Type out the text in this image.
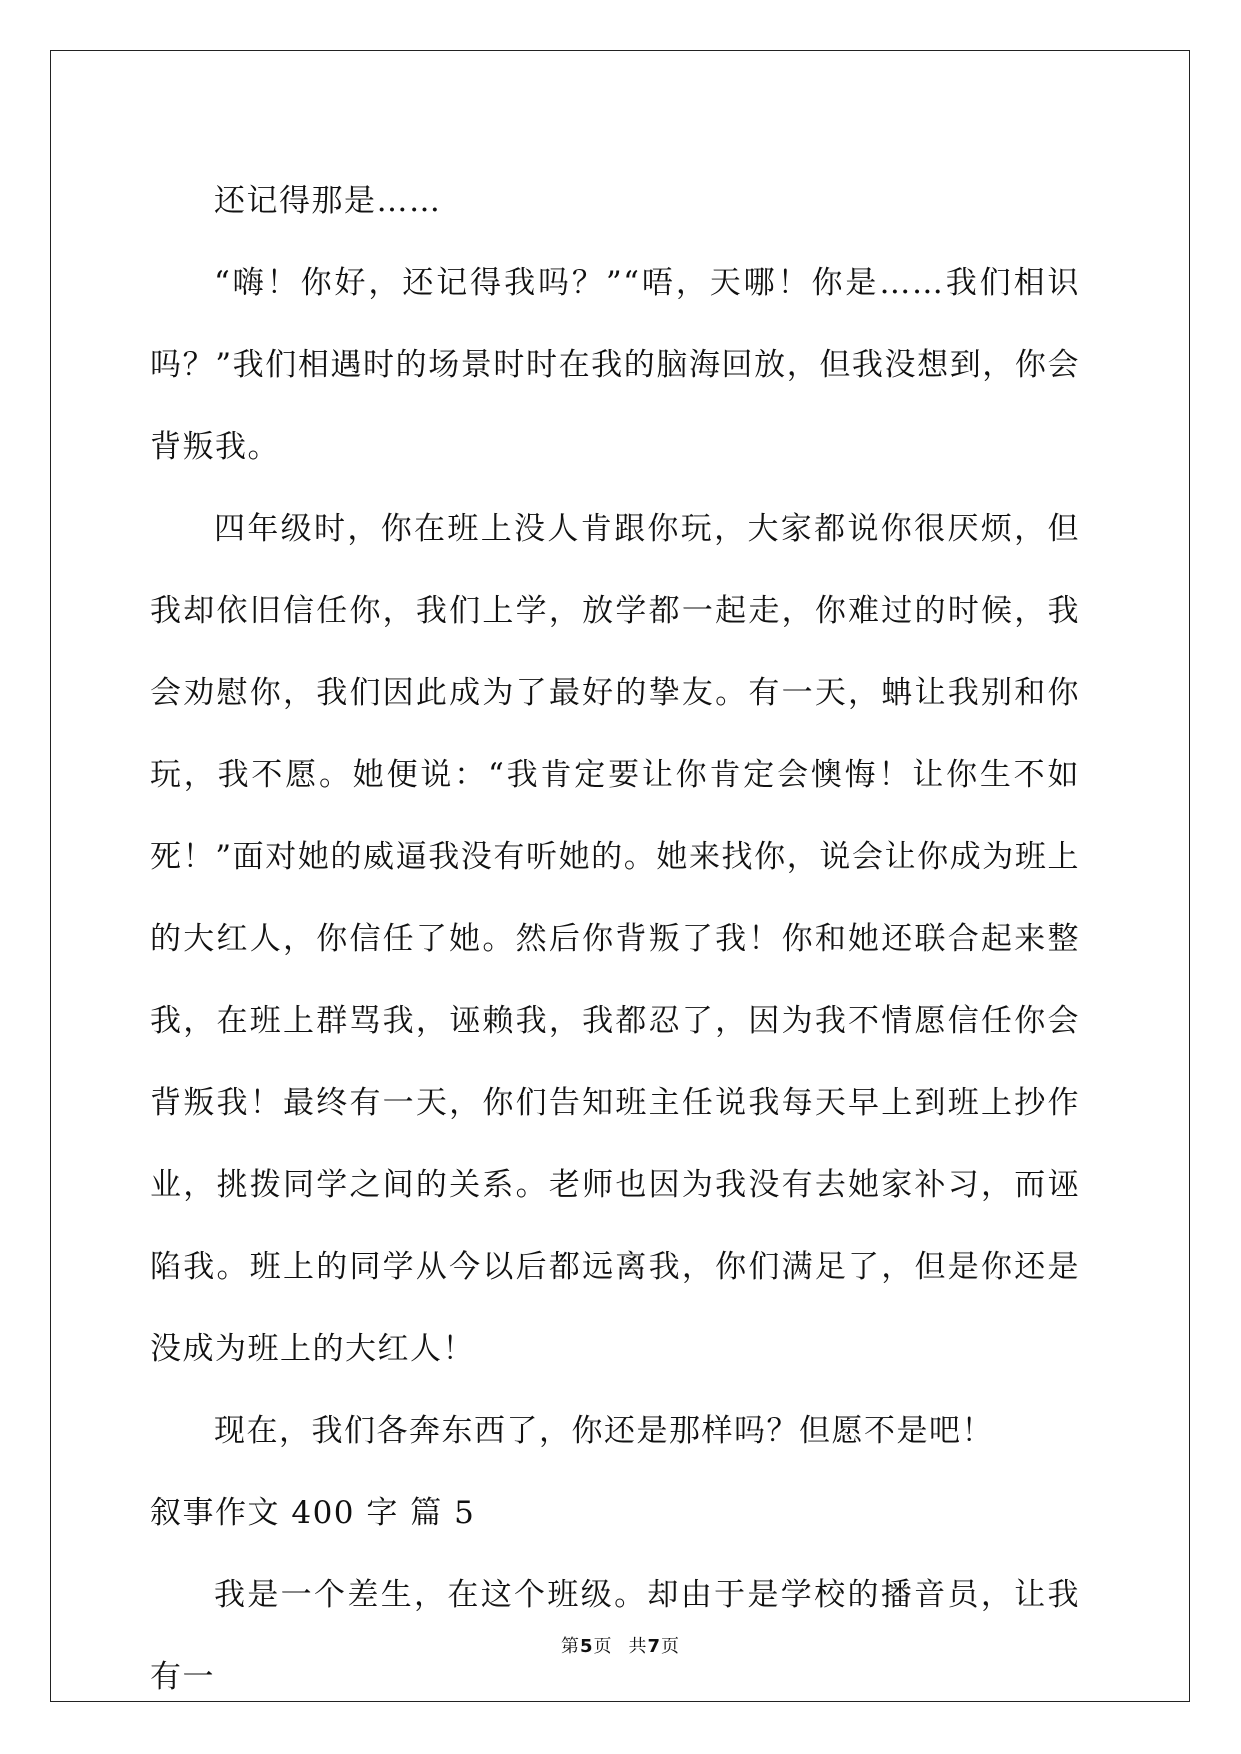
还记得那是……

“嗨！你好，还记得我吗？”“唔，天哪！你是……我们相识吗？”我们相遇时的场景时时在我的脑海回放，但我没想到，你会背叛我。

四年级时，你在班上没人肯跟你玩，大家都说你很厌烦，但我却依旧信任你，我们上学，放学都一起走，你难过的时候，我会劝慰你，我们因此成为了最好的挚友。有一天，蚺让我别和你玩，我不愿。她便说：“我肯定要让你肯定会懊悔！让你生不如死！”面对她的威逼我没有听她的。她来找你，说会让你成为班上的大红人，你信任了她。然后你背叛了我！你和她还联合起来整我，在班上群骂我，诬赖我，我都忍了，因为我不情愿信任你会背叛我！最终有一天，你们告知班主任说我每天早上到班上抄作业，挑拨同学之间的关系。老师也因为我没有去她家补习，而诬陷我。班上的同学从今以后都远离我，你们满足了，但是你还是没成为班上的大红人！

现在，我们各奔东西了，你还是那样吗？但愿不是吧！

叙事作文 400 字 篇 5

我是一个差生，在这个班级。却由于是学校的播音员，让我有一

第5页 共7页
